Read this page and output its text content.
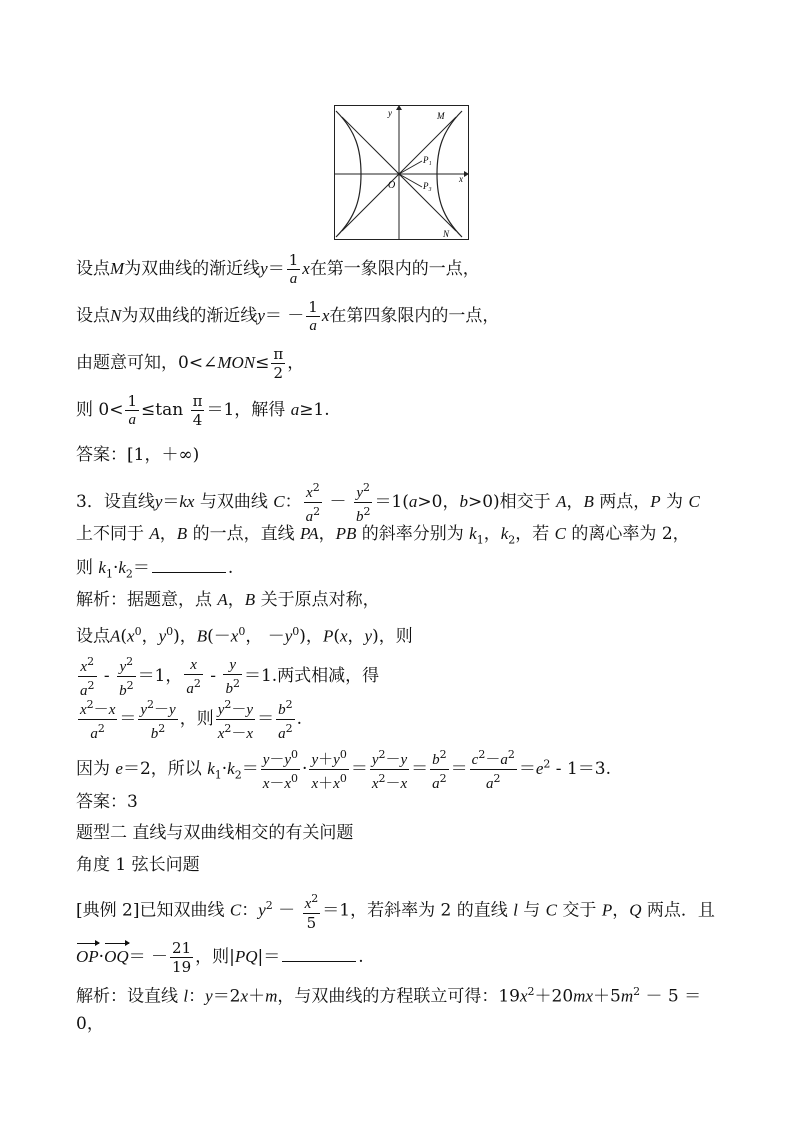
y
x
O
M
N
P₁
P₃
设点M为双曲线的渐近线$y= \frac{1}{a}$ x在第一象限内的一点，
设点N为双曲线的渐近线$y= - \frac{1}{a}$ x在第四象限内的一点，
由题意可知，0<∠MON≤ $\frac{\pi}{2}$ ，
则 $0< \frac{1}{a} \le\tan \frac{\pi}{4} =1$，解得 a≥1.
答案：[1，＋∞)
3．设直线y＝kx 与双曲线 C： $\frac{x^2}{a^2} - \frac{y^2}{b^2} =1(a>0$，b>0)相交于 A，B 两点，P 为 C
上不同于 A，B 的一点，直线 PA，PB 的斜率分别为 $k_1$，$k_2$，若 C 的离心率为 2，
则 $k_1\cdot k_2=$	.
解析：据题意，点 A，B 关于原点对称，
设点$A(x^0$，$y^0$)，$B(-x^0$， $-y^0$)，P(x，y)，则
$\frac{x^2}{a^2} - \frac{y^2}{b^2} =1$， $\frac{x}{a^2} - \frac{y}{b^2} =1$.两式相减，得
$\frac{x^2-x}{a^2} = \frac{y^2-y}{b^2}$ ，则 $\frac{y^2-y}{x^2-x} = \frac{b^2}{a^2}$ .
因为 e＝2，所以 $k_1\cdot k_2= \frac{y-y^0}{x-x^0} \cdot \frac{y+y^0}{x+x^0} = \frac{y^2-y}{x^2-x} = \frac{b^2}{a^2} = \frac{c^2-a^2}{a^2} =e^2 - 1=3$.
答案：3
题型二 直线与双曲线相交的有关问题
角度 1 弦长问题
[典例 2]已知双曲线 C：$y^2 - \frac{x^2}{5} =1$，若斜率为 2 的直线 l 与 C 交于 P，Q 两点．且
$OP\cdot OQ= - \frac{21}{19}$ ，则|PQ|＝	.
解析：设直线 l：y＝2x＋m，与双曲线的方程联立可得：$19x^2+20mx+5m^2 - 5$ ＝
0，
